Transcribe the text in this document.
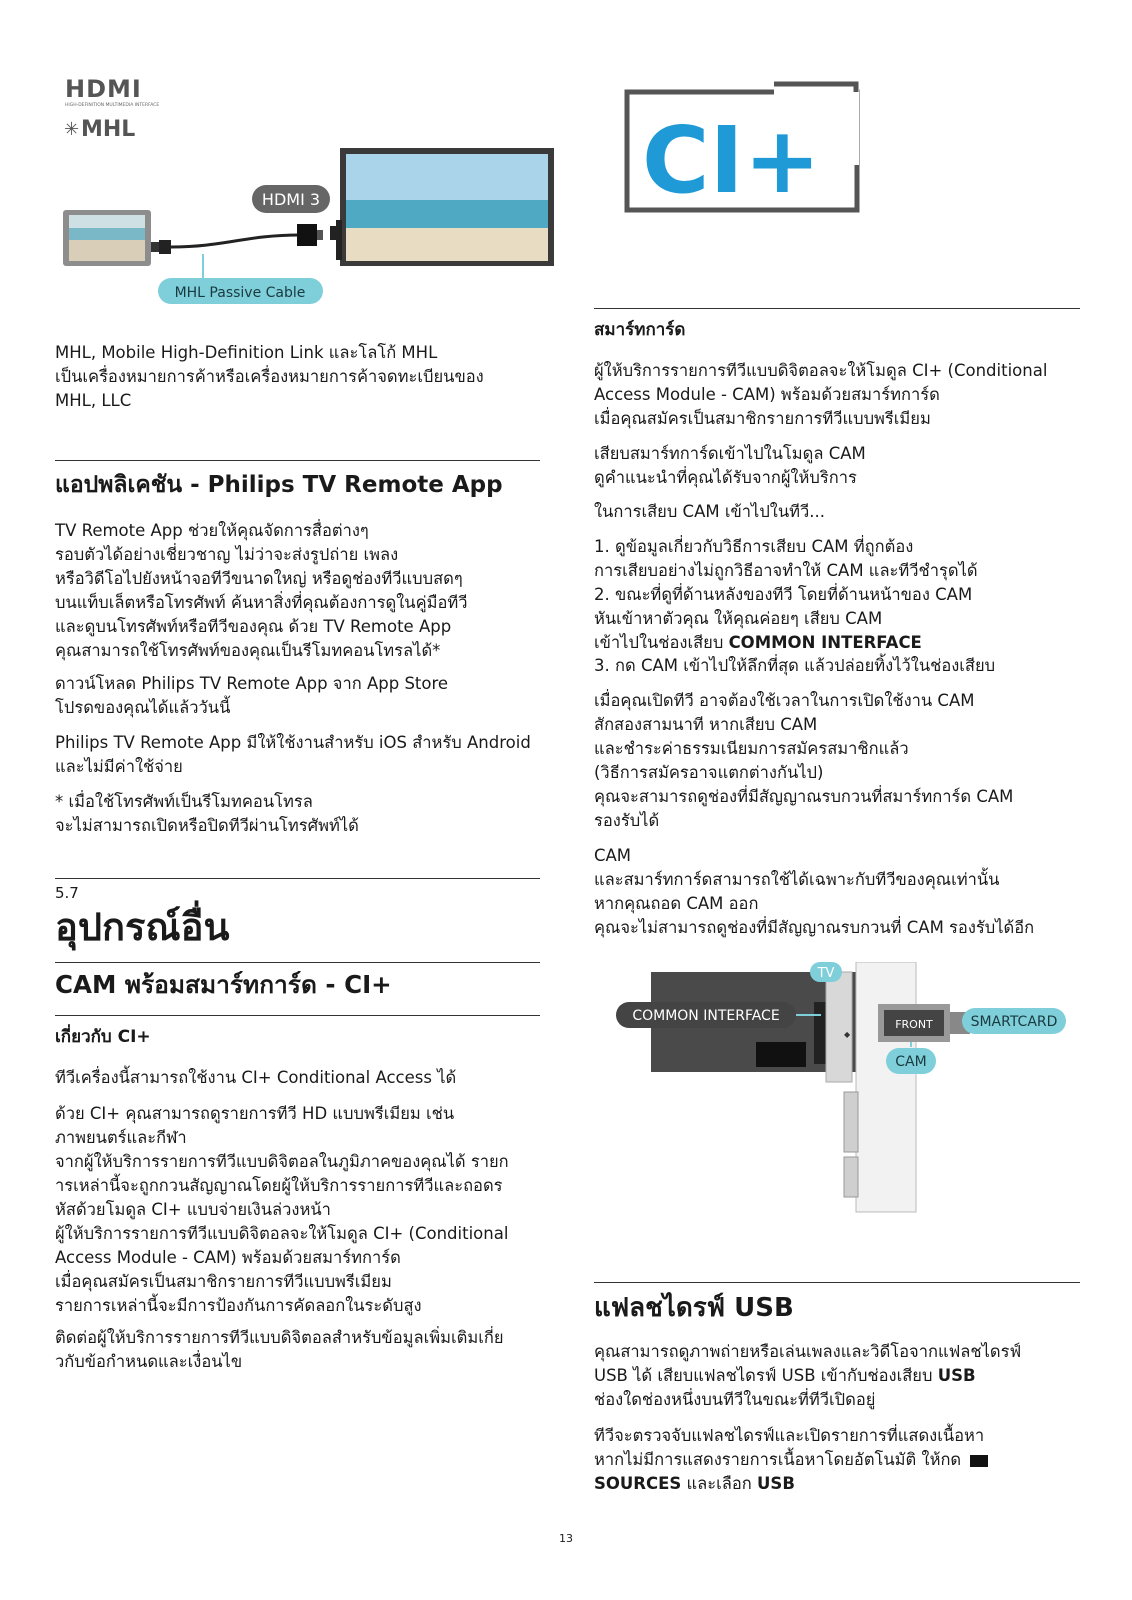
HDMI
HIGH-DEFINITION MULTIMEDIA INTERFACE
✳ MHL
HDMI 3
MHL Passive Cable

MHL, Mobile High-Definition Link และโลโก้ MHL
เป็นเครื่องหมายการค้าหรือเครื่องหมายการค้าจดทะเบียนของ
MHL, LLC

แอปพลิเคชัน - Philips TV Remote App

TV Remote App ช่วยให้คุณจัดการสื่อต่างๆ
รอบตัวได้อย่างเชี่ยวชาญ ไม่ว่าจะส่งรูปถ่าย เพลง
หรือวิดีโอไปยังหน้าจอทีวีขนาดใหญ่ หรือดูช่องทีวีแบบสดๆ
บนแท็บเล็ตหรือโทรศัพท์ ค้นหาสิ่งที่คุณต้องการดูในคู่มือทีวี
และดูบนโทรศัพท์หรือทีวีของคุณ ด้วย TV Remote App
คุณสามารถใช้โทรศัพท์ของคุณเป็นรีโมทคอนโทรลได้*

ดาวน์โหลด Philips TV Remote App จาก App Store
โปรดของคุณได้แล้ววันนี้

Philips TV Remote App มีให้ใช้งานสำหรับ iOS สำหรับ Android
และไม่มีค่าใช้จ่าย

* เมื่อใช้โทรศัพท์เป็นรีโมทคอนโทรล
จะไม่สามารถเปิดหรือปิดทีวีผ่านโทรศัพท์ได้

5.7
อุปกรณ์อื่น
CAM พร้อมสมาร์ทการ์ด - CI+
เกี่ยวกับ CI+

ทีวีเครื่องนี้สามารถใช้งาน CI+ Conditional Access ได้

ด้วย CI+ คุณสามารถดูรายการทีวี HD แบบพรีเมียม เช่น
ภาพยนตร์และกีฬา
จากผู้ให้บริการรายการทีวีแบบดิจิตอลในภูมิภาคของคุณได้ รายก
ารเหล่านี้จะถูกกวนสัญญาณโดยผู้ให้บริการรายการทีวีและถอดร
หัสด้วยโมดูล CI+ แบบจ่ายเงินล่วงหน้า
ผู้ให้บริการรายการทีวีแบบดิจิตอลจะให้โมดูล CI+ (Conditional
Access Module - CAM) พร้อมด้วยสมาร์ทการ์ด
เมื่อคุณสมัครเป็นสมาชิกรายการทีวีแบบพรีเมียม
รายการเหล่านี้จะมีการป้องกันการคัดลอกในระดับสูง

ติดต่อผู้ให้บริการรายการทีวีแบบดิจิตอลสำหรับข้อมูลเพิ่มเติมเกี่ย
วกับข้อกำหนดและเงื่อนไข

CI+
สมาร์ทการ์ด

ผู้ให้บริการรายการทีวีแบบดิจิตอลจะให้โมดูล CI+ (Conditional
Access Module - CAM) พร้อมด้วยสมาร์ทการ์ด
เมื่อคุณสมัครเป็นสมาชิกรายการทีวีแบบพรีเมียม

เสียบสมาร์ทการ์ดเข้าไปในโมดูล CAM
ดูคำแนะนำที่คุณได้รับจากผู้ให้บริการ

ในการเสียบ CAM เข้าไปในทีวี...

1. ดูข้อมูลเกี่ยวกับวิธีการเสียบ CAM ที่ถูกต้อง
การเสียบอย่างไม่ถูกวิธีอาจทำให้ CAM และทีวีชำรุดได้

2. ขณะที่ดูที่ด้านหลังของทีวี โดยที่ด้านหน้าของ CAM
หันเข้าหาตัวคุณ ให้คุณค่อยๆ เสียบ CAM
เข้าไปในช่องเสียบ COMMON INTERFACE

3. กด CAM เข้าไปให้ลึกที่สุด แล้วปล่อยทิ้งไว้ในช่องเสียบ

เมื่อคุณเปิดทีวี อาจต้องใช้เวลาในการเปิดใช้งาน CAM
สักสองสามนาที หากเสียบ CAM
และชำระค่าธรรมเนียมการสมัครสมาชิกแล้ว
(วิธีการสมัครอาจแตกต่างกันไป)
คุณจะสามารถดูช่องที่มีสัญญาณรบกวนที่สมาร์ทการ์ด CAM
รองรับได้

CAM
และสมาร์ทการ์ดสามารถใช้ได้เฉพาะกับทีวีของคุณเท่านั้น
หากคุณถอด CAM ออก
คุณจะไม่สามารถดูช่องที่มีสัญญาณรบกวนที่ CAM รองรับได้อีก

◆
TV
COMMON INTERFACE
FRONT	SMARTCARD
CAM
แฟลชไดรฟ์ USB

คุณสามารถดูภาพถ่ายหรือเล่นเพลงและวิดีโอจากแฟลชไดรฟ์
USB ได้ เสียบแฟลชไดรฟ์ USB เข้ากับช่องเสียบ USB
ช่องใดช่องหนึ่งบนทีวีในขณะที่ทีวีเปิดอยู่

ทีวีจะตรวจจับแฟลชไดรฟ์และเปิดรายการที่แสดงเนื้อหา
หากไม่มีการแสดงรายการเนื้อหาโดยอัตโนมัติ ให้กด
SOURCES และเลือก USB

13
